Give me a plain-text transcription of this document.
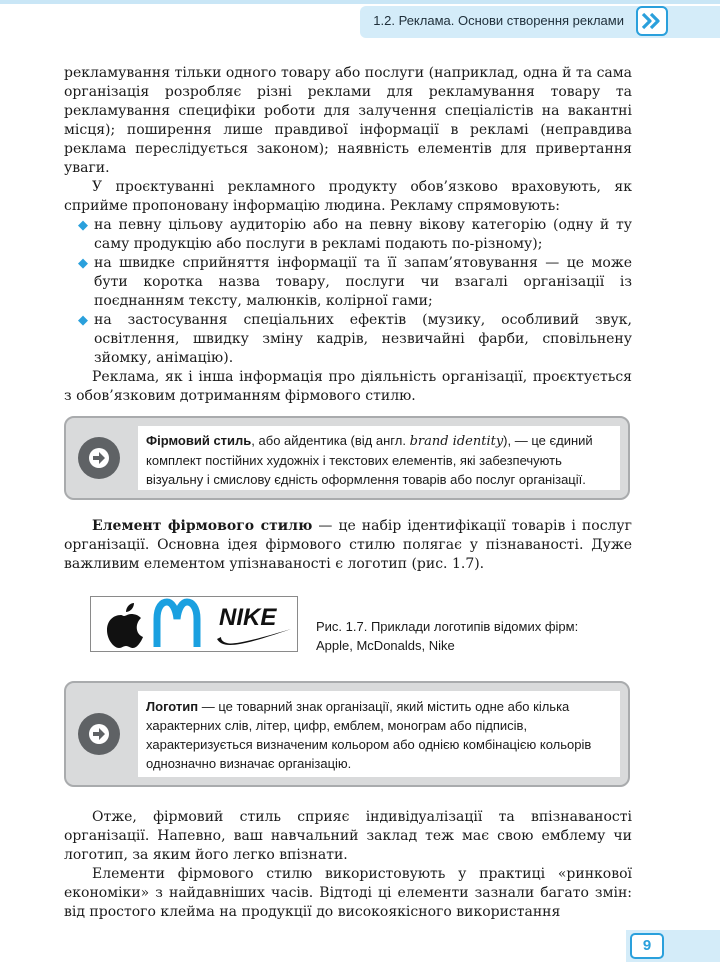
1.2. Реклама. Основи створення реклами

рекламування тільки одного товару або послуги (наприклад, одна й та сама організація розробляє різні реклами для рекламування товару та рекламування специфіки роботи для залучення спеціалістів на вакантні місця); поширення лише правдивої інформації в рекламі (неправдива реклама переслідується законом); наявність елементів для привертання уваги.

У проєктуванні рекламного продукту обов’язково враховують, як сприйме пропоновану інформацію людина. Рекламу спрямовують:

◆ на певну цільову аудиторію або на певну вікову категорію (одну й ту саму продукцію або послуги в рекламі подають по-різному);
◆ на швидке сприйняття інформації та її запам’ятовування — це може бути коротка назва товару, послуги чи взагалі організації із поєднанням тексту, малюнків, колірної гами;
◆ на застосування спеціальних ефектів (музику, особливий звук, освітлення, швидку зміну кадрів, незвичайні фарби, сповільнену зйомку, анімацію).

Реклама, як і інша інформація про діяльність організації, проєктується з обов’язковим дотриманням фірмового стилю.

Фірмовий стиль, або айдентика (від англ. brand identity), — це єдиний комплект постійних художніх і текстових елементів, які забезпечують візуальну і смислову єдність оформлення товарів або послуг організації.

Елемент фірмового стилю — це набір ідентифікації товарів і послуг організації. Основна ідея фірмового стилю полягає у пізнаваності. Дуже важливим елементом упізнаваності є логотип (рис. 1.7).

NIKE	Рис. 1.7. Приклади логотипів відомих фірм: Apple, McDonalds, Nike
Логотип — це товарний знак організації, який містить одне або кілька характерних слів, літер, цифр, емблем, монограм або підписів, характеризується визначеним кольором або однією комбінацією кольорів однозначно визначає організацію.

Отже, фірмовий стиль сприяє індивідуалізації та впізнаваності організації. Напевно, ваш навчальний заклад теж має свою емблему чи логотип, за яким його легко впізнати.

Елементи фірмового стилю використовують у практиці «ринкової економіки» з найдавніших часів. Відтоді ці елементи зазнали багато змін: від простого клейма на продукції до високоякісного використання

9
